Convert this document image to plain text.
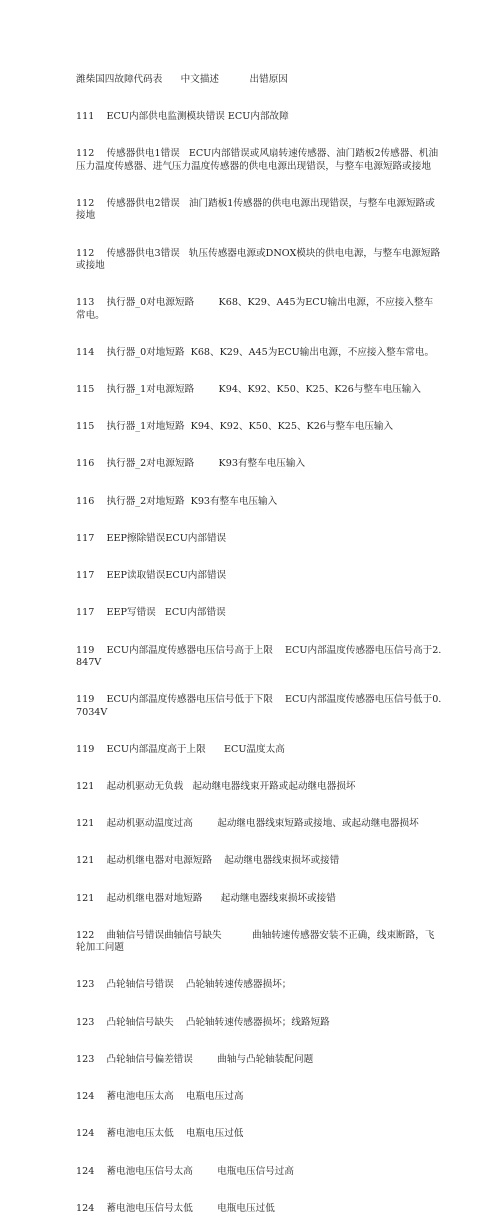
潍柴国四故障代码表      中文描述          出错原因

111    ECU内部供电监测模块错误 ECU内部故障

112    传感器供电1错误   ECU内部错误或风扇转速传感器、油门踏板2传感器、机油压力温度传感器、进气压力温度传感器的供电电源出现错误，与整车电源短路或接地

112    传感器供电2错误   油门踏板1传感器的供电电源出现错误，与整车电源短路或接地

112    传感器供电3错误   轨压传感器电源或DNOX模块的供电电源，与整车电源短路或接地

113    执行器_0对电源短路        K68、K29、A45为ECU输出电源，不应接入整车常电。

114    执行器_0对地短路  K68、K29、A45为ECU输出电源，不应接入整车常电。

115    执行器_1对电源短路        K94、K92、K50、K25、K26与整车电压输入

115    执行器_1对地短路  K94、K92、K50、K25、K26与整车电压输入

116    执行器_2对电源短路        K93有整车电压输入

116    执行器_2对地短路  K93有整车电压输入

117    EEP擦除错误ECU内部错误

117    EEP读取错误ECU内部错误

117    EEP写错误   ECU内部错误

119    ECU内部温度传感器电压信号高于上限    ECU内部温度传感器电压信号高于2.847V

119    ECU内部温度传感器电压信号低于下限    ECU内部温度传感器电压信号低于0.7034V

119    ECU内部温度高于上限      ECU温度太高

121    起动机驱动无负载   起动继电器线束开路或起动继电器损坏

121    起动机驱动温度过高        起动继电器线束短路或接地、或起动继电器损坏

121    起动机继电器对电源短路    起动继电器线束损坏或接错

121    起动机继电器对地短路      起动继电器线束损坏或接错

122    曲轴信号错误曲轴信号缺失          曲轴转速传感器安装不正确，线束断路，飞轮加工问题

123    凸轮轴信号错误    凸轮轴转速传感器损坏；

123    凸轮轴信号缺失    凸轮轴转速传感器损坏；线路短路

123    凸轮轴信号偏差错误        曲轴与凸轮轴装配问题

124    蓄电池电压太高    电瓶电压过高

124    蓄电池电压太低    电瓶电压过低

124    蓄电池电压信号太高        电瓶电压信号过高

124    蓄电池电压信号太低        电瓶电压过低
